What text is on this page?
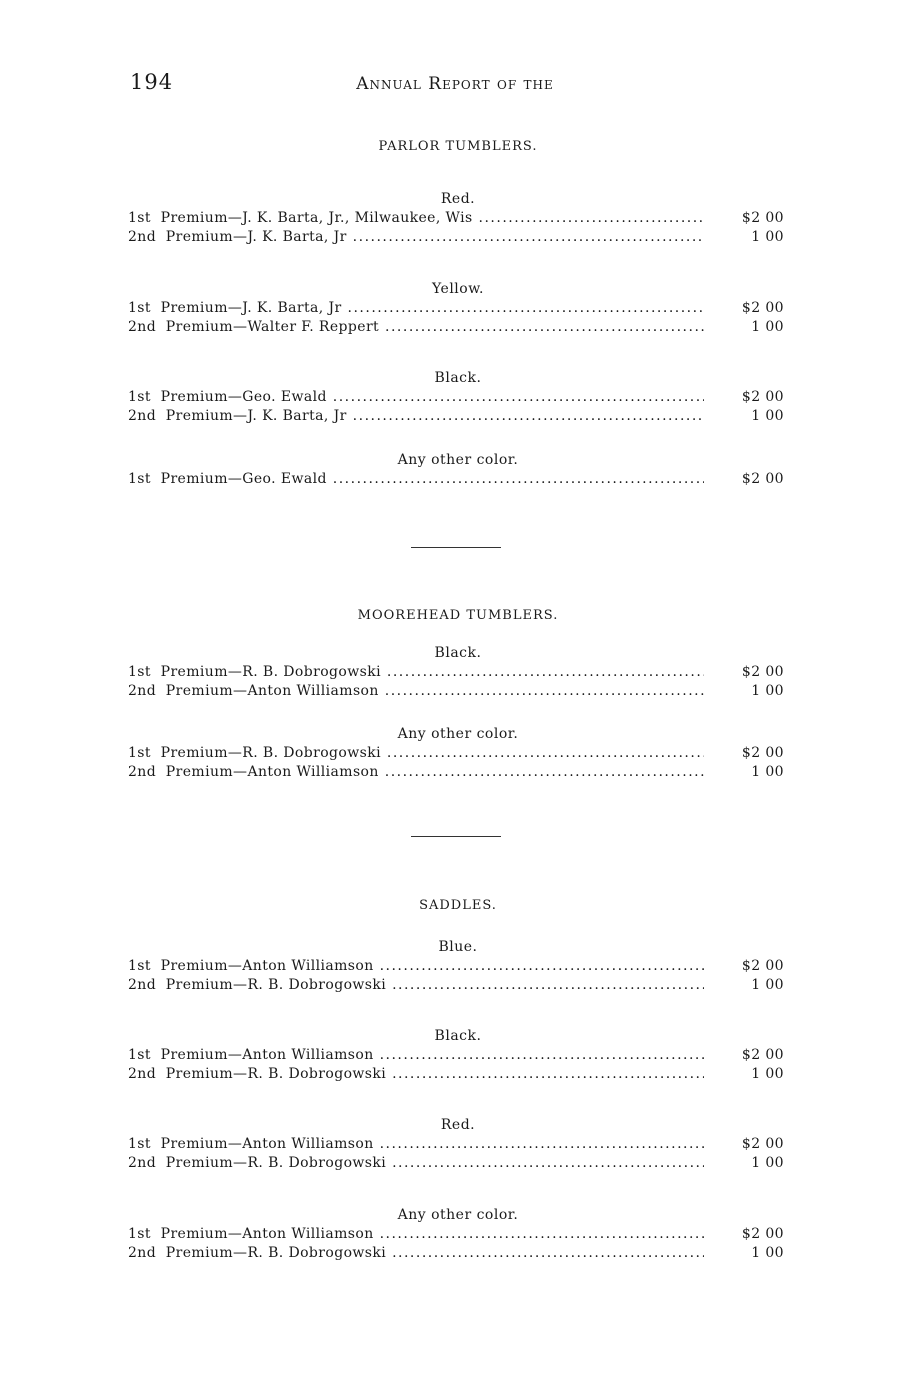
194	Annual Report of the
PARLOR TUMBLERS.
Red.
1st Premium—J. K. Barta, Jr., Milwaukee, Wis .....	$2 00
2nd Premium—J. K. Barta, Jr .....	1 00
Yellow.
1st Premium—J. K. Barta, Jr .....	$2 00
2nd Premium—Walter F. Reppert .....	1 00
Black.
1st Premium—Geo. Ewald .....	$2 00
2nd Premium—J. K. Barta, Jr .....	1 00
Any other color.
1st Premium—Geo. Ewald .....	$2 00
MOOREHEAD TUMBLERS.
Black.
1st Premium—R. B. Dobrogowski .....	$2 00
2nd Premium—Anton Williamson .....	1 00
Any other color.
1st Premium—R. B. Dobrogowski .....	$2 00
2nd Premium—Anton Williamson .....	1 00
SADDLES.
Blue.
1st Premium—Anton Williamson .....	$2 00
2nd Premium—R. B. Dobrogowski .....	1 00
Black.
1st Premium—Anton Williamson .....	$2 00
2nd Premium—R. B. Dobrogowski .....	1 00
Red.
1st Premium—Anton Williamson .....	$2 00
2nd Premium—R. B. Dobrogowski .....	1 00
Any other color.
1st Premium—Anton Williamson .....	$2 00
2nd Premium—R. B. Dobrogowski .....	1 00
